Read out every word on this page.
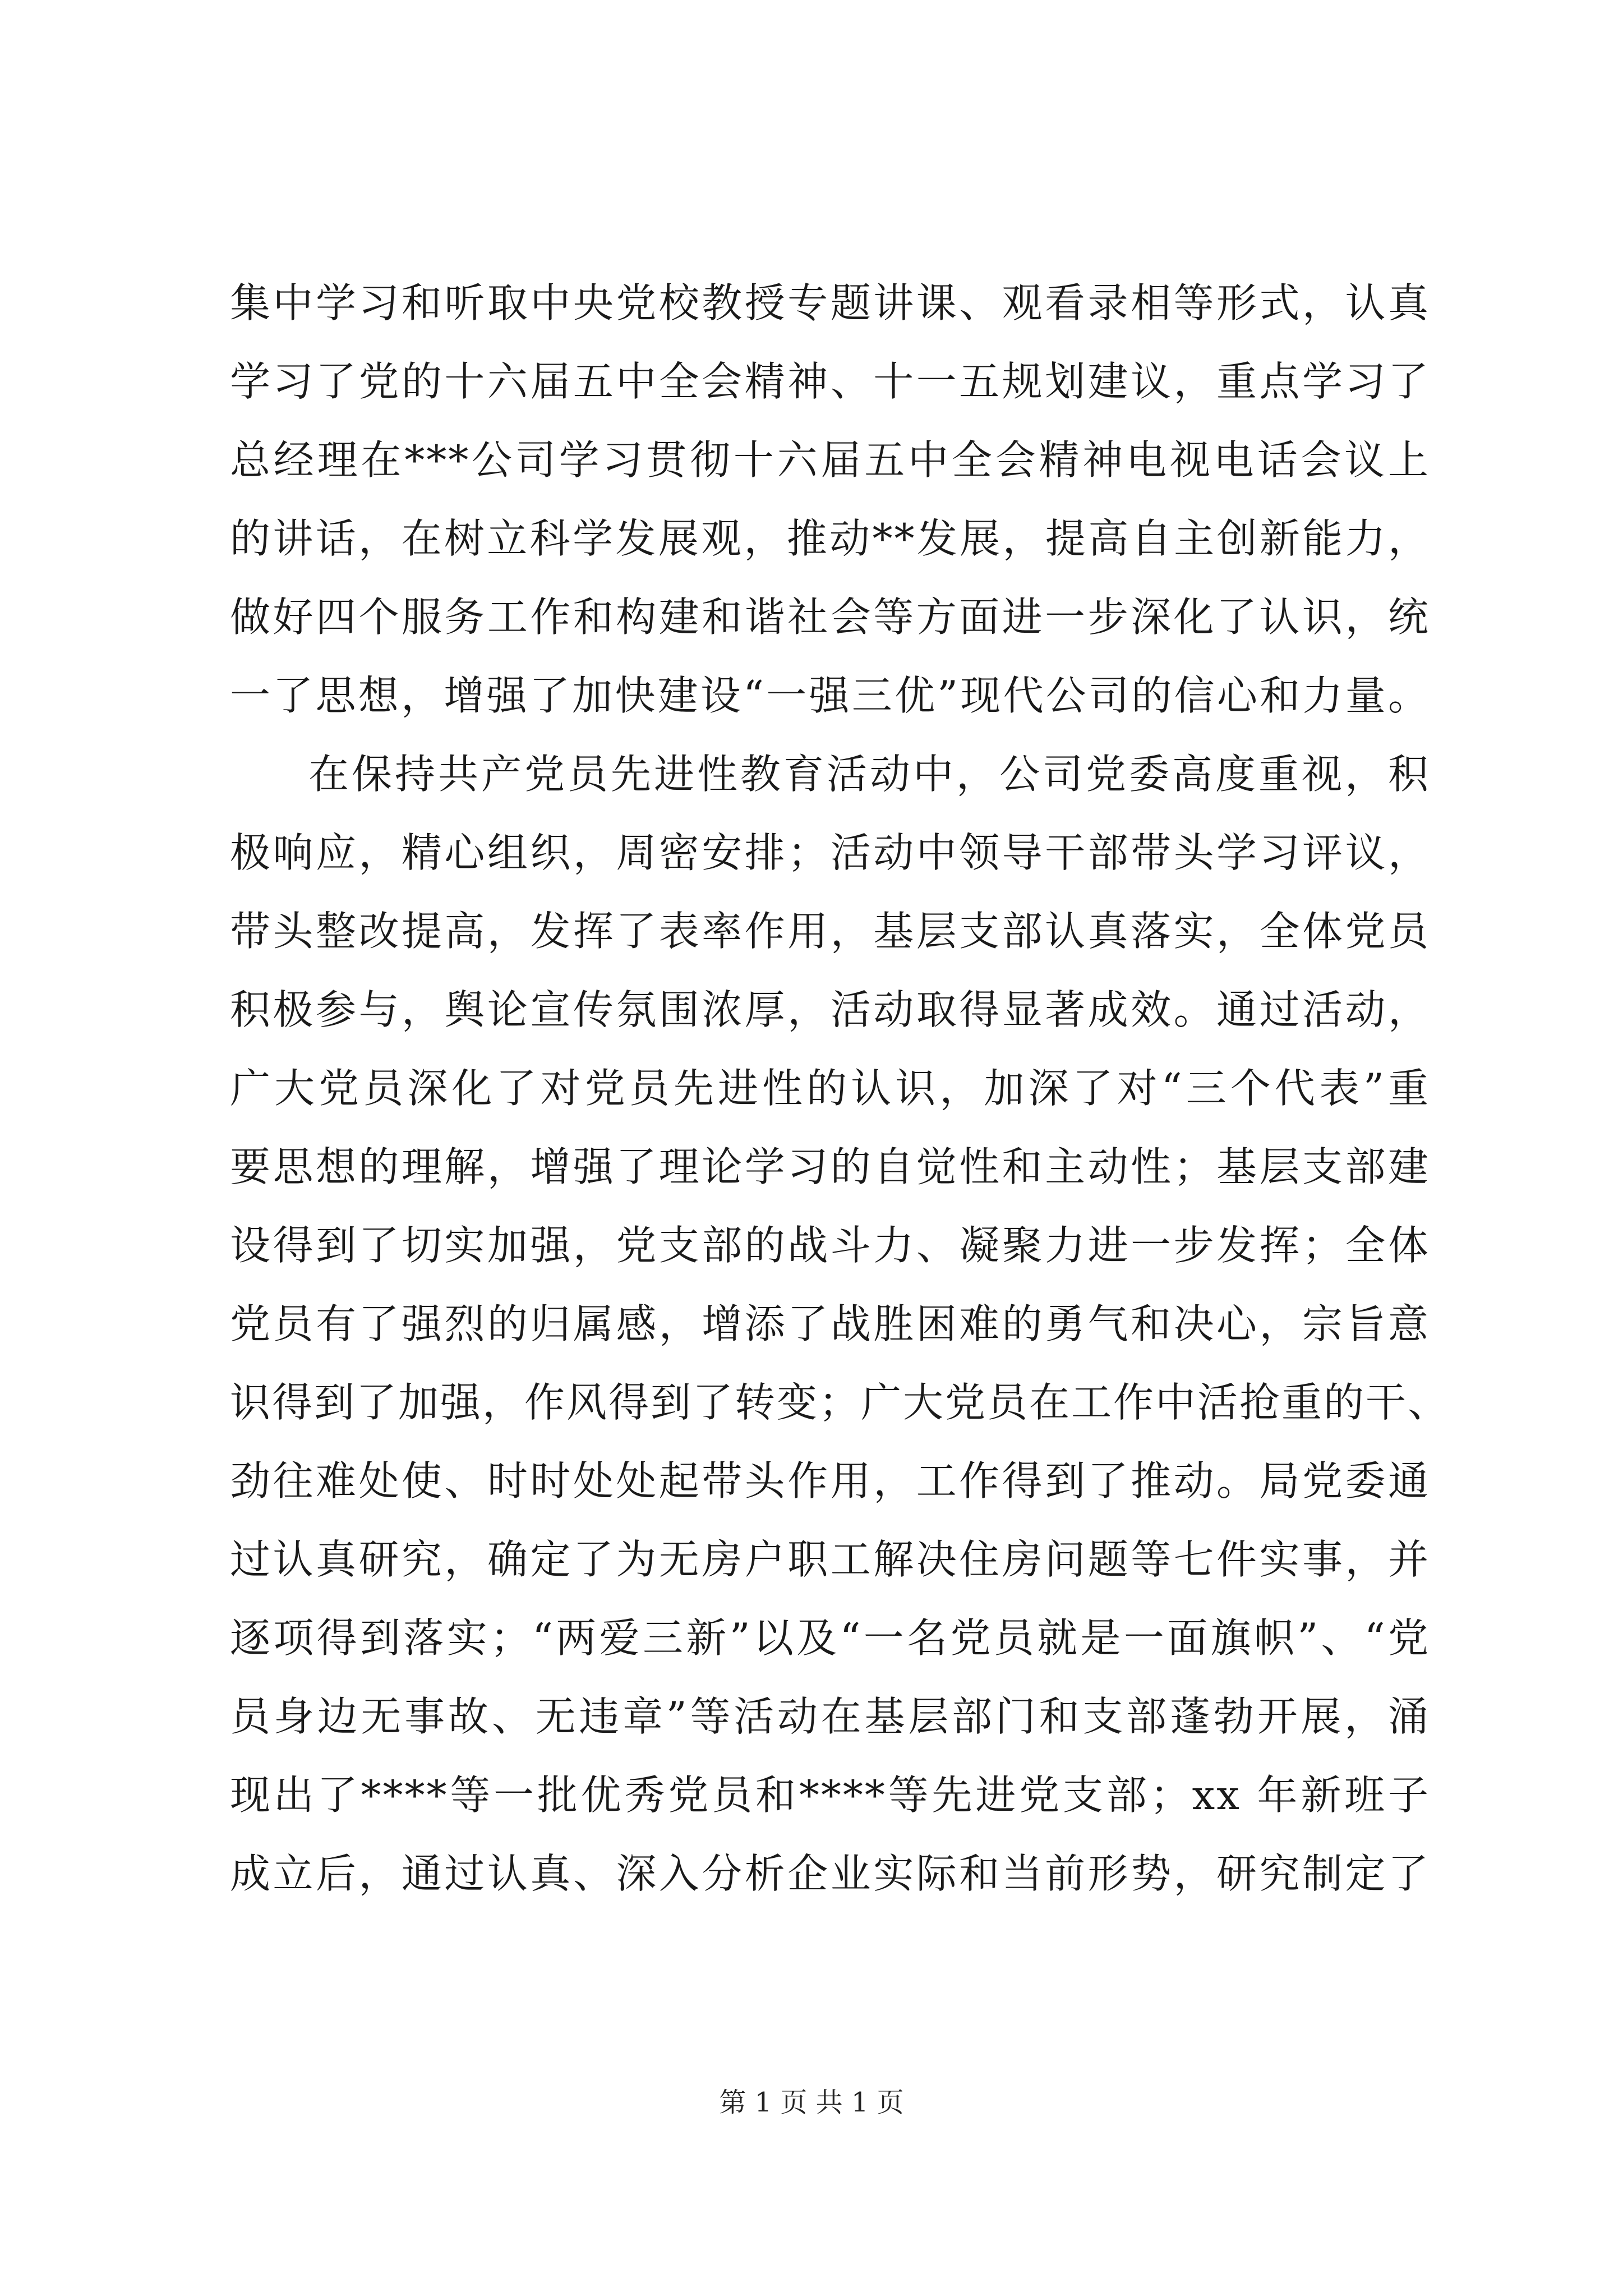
集中学习和听取中央党校教授专题讲课、观看录相等形式，认真
学习了党的十六届五中全会精神、十一五规划建议，重点学习了
总经理在***公司学习贯彻十六届五中全会精神电视电话会议上
的讲话，在树立科学发展观，推动**发展，提高自主创新能力，
做好四个服务工作和构建和谐社会等方面进一步深化了认识，统
一了思想，增强了加快建设“一强三优”现代公司的信心和力量。
在保持共产党员先进性教育活动中，公司党委高度重视，积
极响应，精心组织，周密安排；活动中领导干部带头学习评议，
带头整改提高，发挥了表率作用，基层支部认真落实，全体党员
积极参与，舆论宣传氛围浓厚，活动取得显著成效。通过活动，
广大党员深化了对党员先进性的认识，加深了对“三个代表”重
要思想的理解，增强了理论学习的自觉性和主动性；基层支部建
设得到了切实加强，党支部的战斗力、凝聚力进一步发挥；全体
党员有了强烈的归属感，增添了战胜困难的勇气和决心，宗旨意
识得到了加强，作风得到了转变；广大党员在工作中活抢重的干、
劲往难处使、时时处处起带头作用，工作得到了推动。局党委通
过认真研究，确定了为无房户职工解决住房问题等七件实事，并
逐项得到落实；“两爱三新”以及“一名党员就是一面旗帜”、“党
员身边无事故、无违章”等活动在基层部门和支部蓬勃开展，涌
现出了****等一批优秀党员和****等先进党支部；xx 年新班子
成立后，通过认真、深入分析企业实际和当前形势，研究制定了
第 1 页 共 1 页
